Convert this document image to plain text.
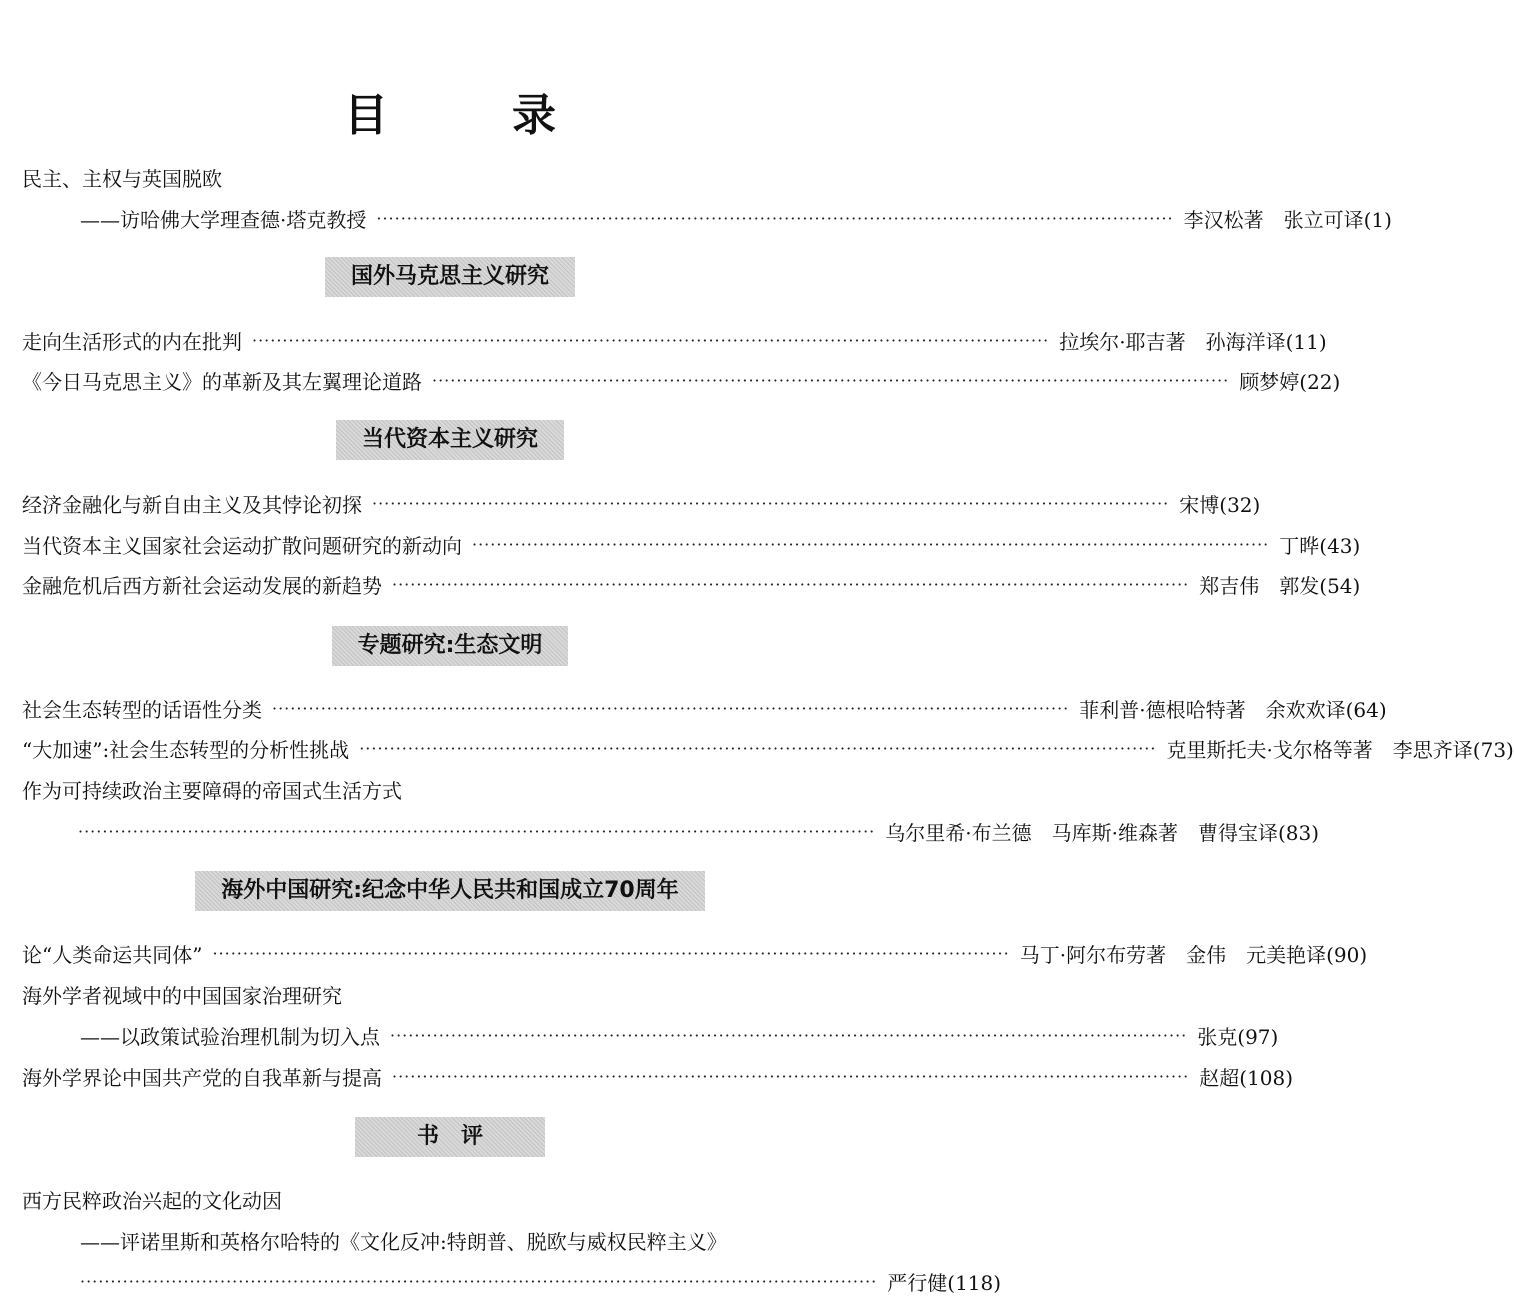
目　录
民主、主权与英国脱欧
——访哈佛大学理查德·塔克教授 ··································································································································· 李汉松著　张立可译(1)
国外马克思主义研究
走向生活形式的内在批判 ··································································································································· 拉埃尔·耶吉著　孙海洋译(11)
《今日马克思主义》的革新及其左翼理论道路 ··································································································································· 顾梦婷(22)
当代资本主义研究
经济金融化与新自由主义及其悖论初探 ··································································································································· 宋博(32)
当代资本主义国家社会运动扩散问题研究的新动向 ··································································································································· 丁晔(43)
金融危机后西方新社会运动发展的新趋势 ··································································································································· 郑吉伟　郭发(54)
专题研究:生态文明
社会生态转型的话语性分类 ··································································································································· 菲利普·德根哈特著　余欢欢译(64)
“大加速”:社会生态转型的分析性挑战 ··································································································································· 克里斯托夫·戈尔格等著　李思齐译(73)
作为可持续政治主要障碍的帝国式生活方式
··································································································································· 乌尔里希·布兰德　马库斯·维森著　曹得宝译(83)
海外中国研究:纪念中华人民共和国成立70周年
论“人类命运共同体” ··································································································································· 马丁·阿尔布劳著　金伟　元美艳译(90)
海外学者视域中的中国国家治理研究
——以政策试验治理机制为切入点 ··································································································································· 张克(97)
海外学界论中国共产党的自我革新与提高 ··································································································································· 赵超(108)
书　评
西方民粹政治兴起的文化动因
——评诺里斯和英格尔哈特的《文化反冲:特朗普、脱欧与威权民粹主义》
··································································································································· 严行健(118)
